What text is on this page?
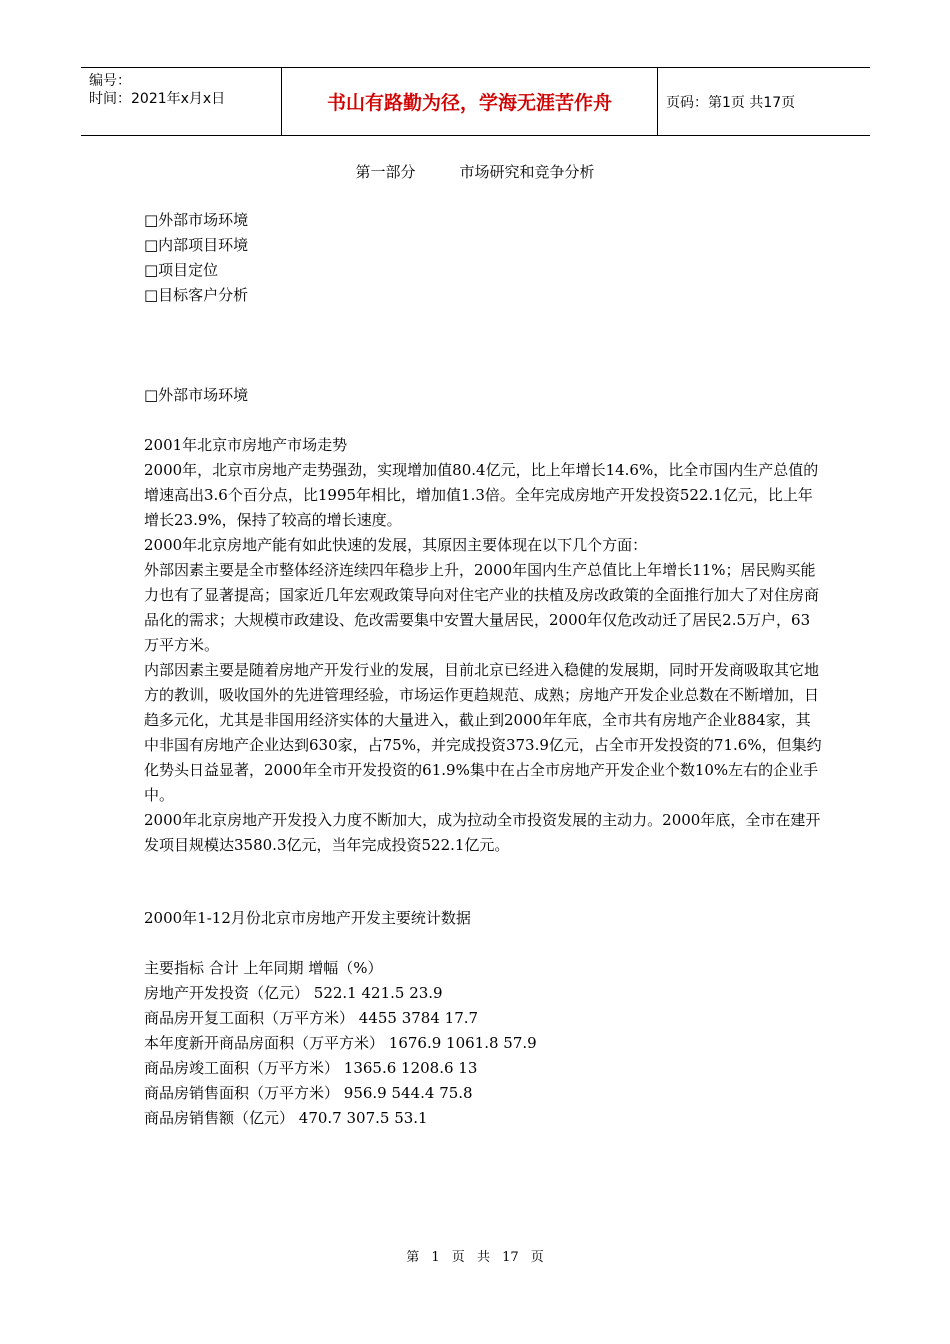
编号：
时间：2021年x月x日	书山有路勤为径，学海无涯苦作舟	页码：第1页 共17页
第一部分	市场研究和竞争分析

□外部市场环境

□内部项目环境

□项目定位

□目标客户分析

□外部市场环境

2001年北京市房地产市场走势

2000年，北京市房地产走势强劲，实现增加值80.4亿元，比上年增长14.6%，比全市国内生产总值的增速高出3.6个百分点，比1995年相比，增加值1.3倍。全年完成房地产开发投资522.1亿元，比上年增长23.9%，保持了较高的增长速度。

2000年北京房地产能有如此快速的发展，其原因主要体现在以下几个方面：

外部因素主要是全市整体经济连续四年稳步上升，2000年国内生产总值比上年增长11%；居民购买能力也有了显著提高；国家近几年宏观政策导向对住宅产业的扶植及房改政策的全面推行加大了对住房商品化的需求；大规模市政建设、危改需要集中安置大量居民，2000年仅危改动迁了居民2.5万户，63万平方米。

内部因素主要是随着房地产开发行业的发展，目前北京已经进入稳健的发展期，同时开发商吸取其它地方的教训，吸收国外的先进管理经验，市场运作更趋规范、成熟；房地产开发企业总数在不断增加，日趋多元化，尤其是非国用经济实体的大量进入，截止到2000年年底，全市共有房地产企业884家，其中非国有房地产企业达到630家，占75%，并完成投资373.9亿元，占全市开发投资的71.6%，但集约化势头日益显著，2000年全市开发投资的61.9%集中在占全市房地产开发企业个数10%左右的企业手中。

2000年北京房地产开发投入力度不断加大，成为拉动全市投资发展的主动力。2000年底，全市在建开发项目规模达3580.3亿元，当年完成投资522.1亿元。

2000年1-12月份北京市房地产开发主要统计数据

主要指标 合计 上年同期 增幅（%）

房地产开发投资（亿元） 522.1 421.5 23.9

商品房开复工面积（万平方米） 4455 3784 17.7

本年度新开商品房面积（万平方米） 1676.9 1061.8 57.9

商品房竣工面积（万平方米） 1365.6 1208.6 13

商品房销售面积（万平方米） 956.9 544.4 75.8

商品房销售额（亿元） 470.7 307.5 53.1

第 1 页 共 17 页
